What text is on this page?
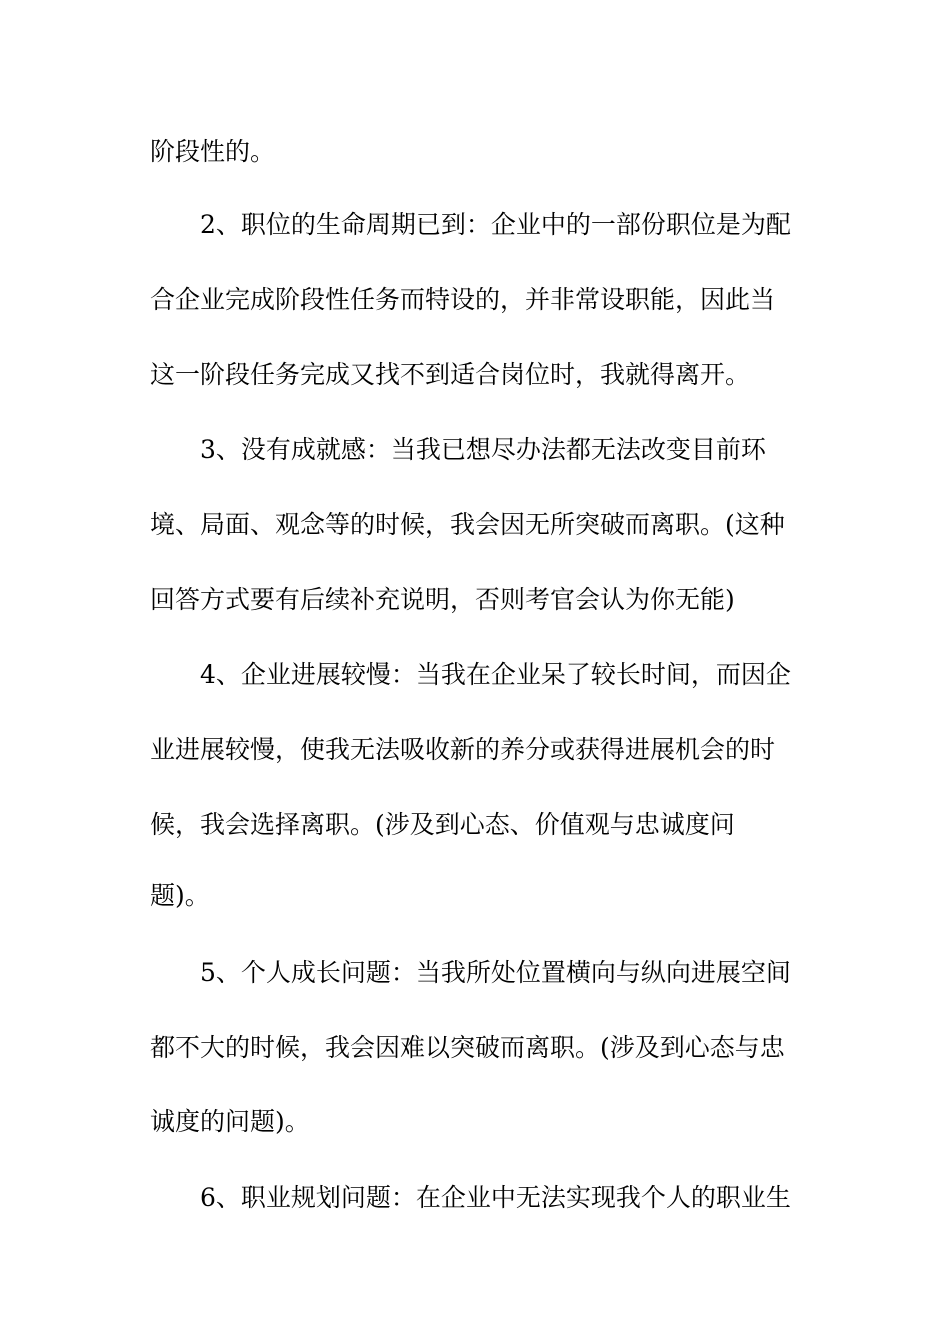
阶段性的。
2、职位的生命周期已到：企业中的一部份职位是为配
合企业完成阶段性任务而特设的，并非常设职能，因此当
这一阶段任务完成又找不到适合岗位时，我就得离开。
3、没有成就感：当我已想尽办法都无法改变目前环
境、局面、观念等的时候，我会因无所突破而离职。(这种
回答方式要有后续补充说明，否则考官会认为你无能)
4、企业进展较慢：当我在企业呆了较长时间，而因企
业进展较慢，使我无法吸收新的养分或获得进展机会的时
候，我会选择离职。(涉及到心态、价值观与忠诚度问
题)。
5、个人成长问题：当我所处位置横向与纵向进展空间
都不大的时候，我会因难以突破而离职。(涉及到心态与忠
诚度的问题)。
6、职业规划问题：在企业中无法实现我个人的职业生
